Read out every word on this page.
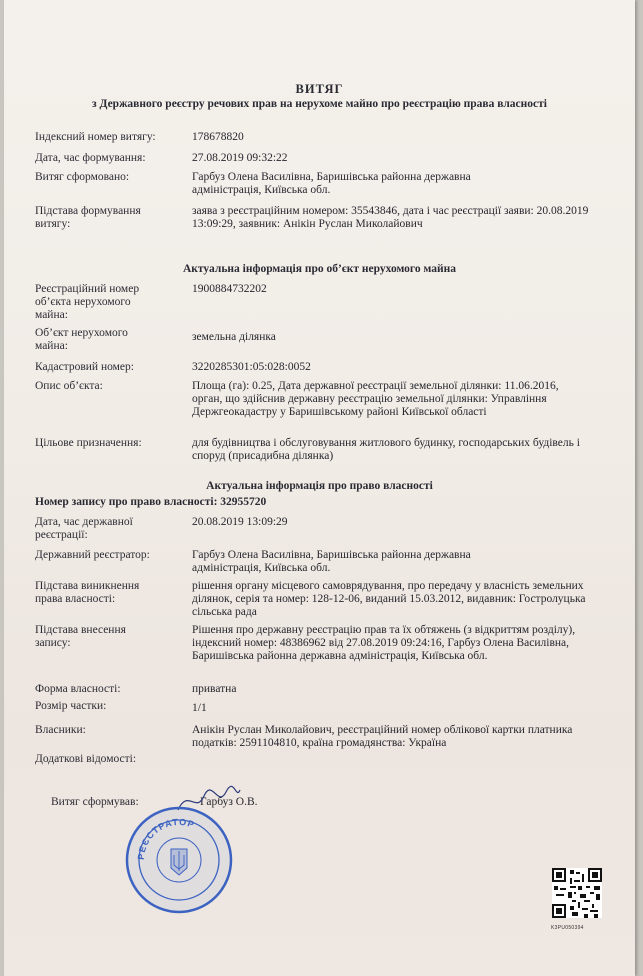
ВИТЯГ
з Державного реєстру речових прав на нерухоме майно про реєстрацію права власності
Індексний номер витягу:	178678820
Дата, час формування:	27.08.2019 09:32:22
Витяг сформовано:	Гарбуз Олена Василівна, Баришівська районна державна адміністрація, Київська обл.
Підстава формування витягу:
заява з реєстраційним номером: 35543846, дата і час реєстрації заяви: 20.08.2019 13:09:29, заявник: Анікін Руслан Миколайович
Актуальна інформація про об’єкт нерухомого майна
Реєстраційний номер об’єкта нерухомого майна:
1900884732202
Об’єкт нерухомого майна:
земельна ділянка
Кадастровий номер:	3220285301:05:028:0052
Опис об’єкта:	Площа (га): 0.25, Дата державної реєстрації земельної ділянки: 11.06.2016, орган, що здійснив державну реєстрацію земельної ділянки: Управління Держгеокадастру у Баришівському районі Київської області
Цільове призначення:	для будівництва і обслуговування житлового будинку, господарських будівель і споруд (присадибна ділянка)
Актуальна інформація про право власності
Номер запису про право власності: 32955720
Дата, час державної реєстрації:
20.08.2019 13:09:29
Державний реєстратор:	Гарбуз Олена Василівна, Баришівська районна державна адміністрація, Київська обл.
Підстава виникнення права власності:
рішення органу місцевого самоврядування, про передачу у власність земельних ділянок, серія та номер: 128-12-06, виданий 15.03.2012, видавник: Гостролуцька сільська рада
Підстава внесення запису:
Рішення про державну реєстрацію прав та їх обтяжень (з відкриттям розділу), індексний номер: 48386962 від 27.08.2019 09:24:16, Гарбуз Олена Василівна, Баришівська районна державна адміністрація, Київська обл.
Форма власності:	приватна
Розмір частки:	1/1
Власники:	Анікін Руслан Миколайович, реєстраційний номер облікової картки платника податків: 2591104810, країна громадянства: Україна
Додаткові відомості:
Витяг сформував:	Гарбуз О.В.
РЕЄСТРАТОР
K3PU050394
